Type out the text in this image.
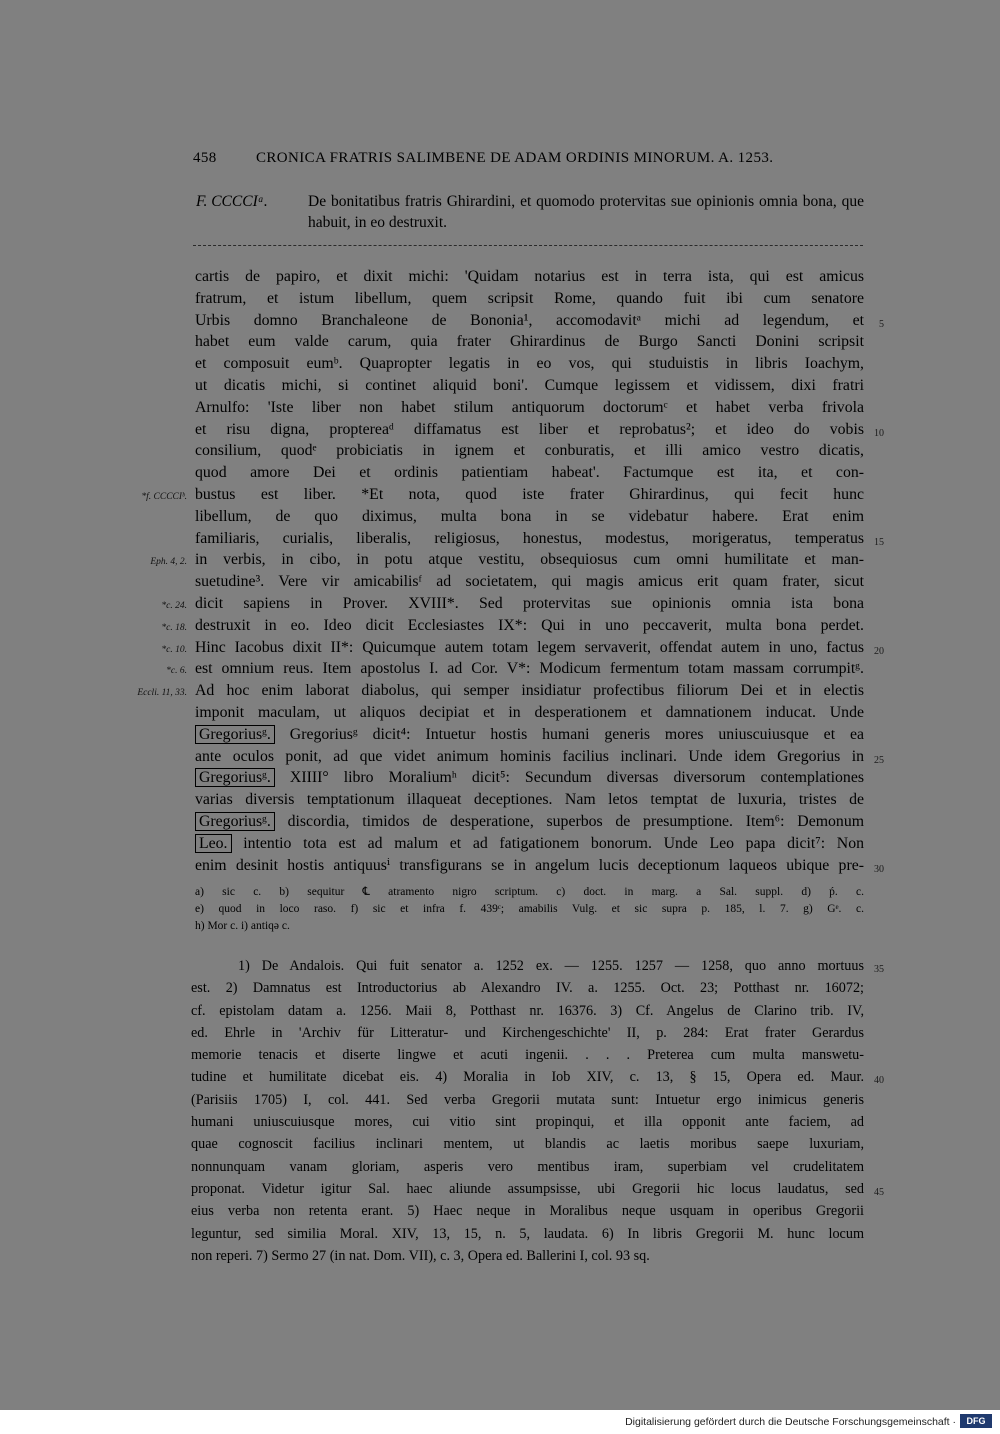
458	CRONICA FRATRIS SALIMBENE DE ADAM ORDINIS MINORUM. A. 1253.
F. CCCCIᵃ.	De bonitatibus fratris Ghirardini, et quomodo protervitas sue opinionis omnia bona, que habuit, in eo destruxit.
cartis de papiro, et dixit michi: 'Quidam notarius est in terra ista, qui est amicus
fratrum, et istum libellum, quem scripsit Rome, quando fuit ibi cum senatore
Urbis domno Branchaleone de Bononia¹, accomodavitᵃ michi ad legendum, et 5
habet eum valde carum, quia frater Ghirardinus de Burgo Sancti Donini scripsit
et composuit eumᵇ. Quapropter legatis in eo vos, qui studuistis in libris Ioachym,
ut dicatis michi, si continet aliquid boni'. Cumque legissem et vidissem, dixi fratri
Arnulfo: 'Iste liber non habet stilum antiquorum doctorumᶜ et habet verba frivola
et risu digna, proptereaᵈ diffamatus est liber et reprobatus²; et ideo do vobis 10
consilium, quodᵉ probiciatis in ignem et conburatis, et illi amico vestro dicatis,
quod amore Dei et ordinis patientiam habeat'. Factumque est ita, et con-
*f. CCCCIᵇ. bustus est liber. *Et nota, quod iste frater Ghirardinus, qui fecit hunc
libellum, de quo diximus, multa bona in se videbatur habere. Erat enim
familiaris, curialis, liberalis, religiosus, honestus, modestus, morigeratus, temperatus 15
Eph. 4, 2. in verbis, in cibo, in potu atque vestitu, obsequiosus cum omni humilitate et man-
suetudine³. Vere vir amicabilisᶠ ad societatem, qui magis amicus erit quam frater, sicut
*c. 24. dicit sapiens in Prover. XVIII*. Sed protervitas sue opinionis omnia ista bona
*c. 18. destruxit in eo. Ideo dicit Ecclesiastes IX*: Qui in uno peccaverit, multa bona perdet.
*c. 10. Hinc Iacobus dixit II*: Quicumque autem totam legem servaverit, offendat autem in uno, factus 20
*c. 6. est omnium reus. Item apostolus I. ad Cor. V*: Modicum fermentum totam massam corrumpitᵍ.
Eccli. 11, 33. Ad hoc enim laborat diabolus, qui semper insidiatur profectibus filiorum Dei et in electis
imponit maculam, ut aliquos decipiat et in desperationem et damnationem inducat. Unde
Gregoriusᵍ. Gregoriusᵍ dicit⁴: Intuetur hostis humani generis mores uniuscuiusque et ea
ante oculos ponit, ad que videt animum hominis facilius inclinari. Unde idem Gregorius in 25
Gregoriusᵍ. XIIII° libro Moraliumʰ dicit⁵: Secundum diversas diversorum contemplationes
varias diversis temptationum illaqueat deceptiones. Nam letos temptat de luxuria, tristes de
Gregoriusᵍ. discordia, timidos de desperatione, superbos de presumptione. Item⁶: Demonum
Leo. intentio tota est ad malum et ad fatigationem bonorum. Unde Leo papa dicit⁷: Non
enim desinit hostis antiquusⁱ transfigurans se in angelum lucis deceptionum laqueos ubique pre- 30
a) sic c. b) sequitur ℄ atramento nigro scriptum. c) doct. in marg. a Sal. suppl. d) ṕ. c.
e) quod in loco raso. f) sic et infra f. 439ᶜ; amabilis Vulg. et sic supra p. 185, l. 7. g) Gᵉ. c.
h) Mor c. i) antiqə c.
1) De Andalois. Qui fuit senator a. 1252 ex. — 1255. 1257 — 1258, quo anno mortuus 35
est. 2) Damnatus est Introductorius ab Alexandro IV. a. 1255. Oct. 23; Potthast nr. 16072;
cf. epistolam datam a. 1256. Maii 8, Potthast nr. 16376. 3) Cf. Angelus de Clarino trib. IV,
ed. Ehrle in 'Archiv für Litteratur- und Kirchengeschichte' II, p. 284: Erat frater Gerardus
memorie tenacis et diserte lingwe et acuti ingenii. . . . Preterea cum multa manswetu-
tudine et humilitate dicebat eis. 4) Moralia in Iob XIV, c. 13, § 15, Opera ed. Maur. 40
(Parisiis 1705) I, col. 441. Sed verba Gregorii mutata sunt: Intuetur ergo inimicus generis
humani uniuscuiusque mores, cui vitio sint propinqui, et illa opponit ante faciem, ad
quae cognoscit facilius inclinari mentem, ut blandis ac laetis moribus saepe luxuriam,
nonnunquam vanam gloriam, asperis vero mentibus iram, superbiam vel crudelitatem
proponat. Videtur igitur Sal. haec aliunde assumpsisse, ubi Gregorii hic locus laudatus, sed 45
eius verba non retenta erant. 5) Haec neque in Moralibus neque usquam in operibus Gregorii
leguntur, sed similia Moral. XIV, 13, 15, n. 5, laudata. 6) In libris Gregorii M. hunc locum
non reperi. 7) Sermo 27 (in nat. Dom. VII), c. 3, Opera ed. Ballerini I, col. 93 sq.
Digitalisierung gefördert durch die Deutsche Forschungsgemeinschaft ·	DFG
